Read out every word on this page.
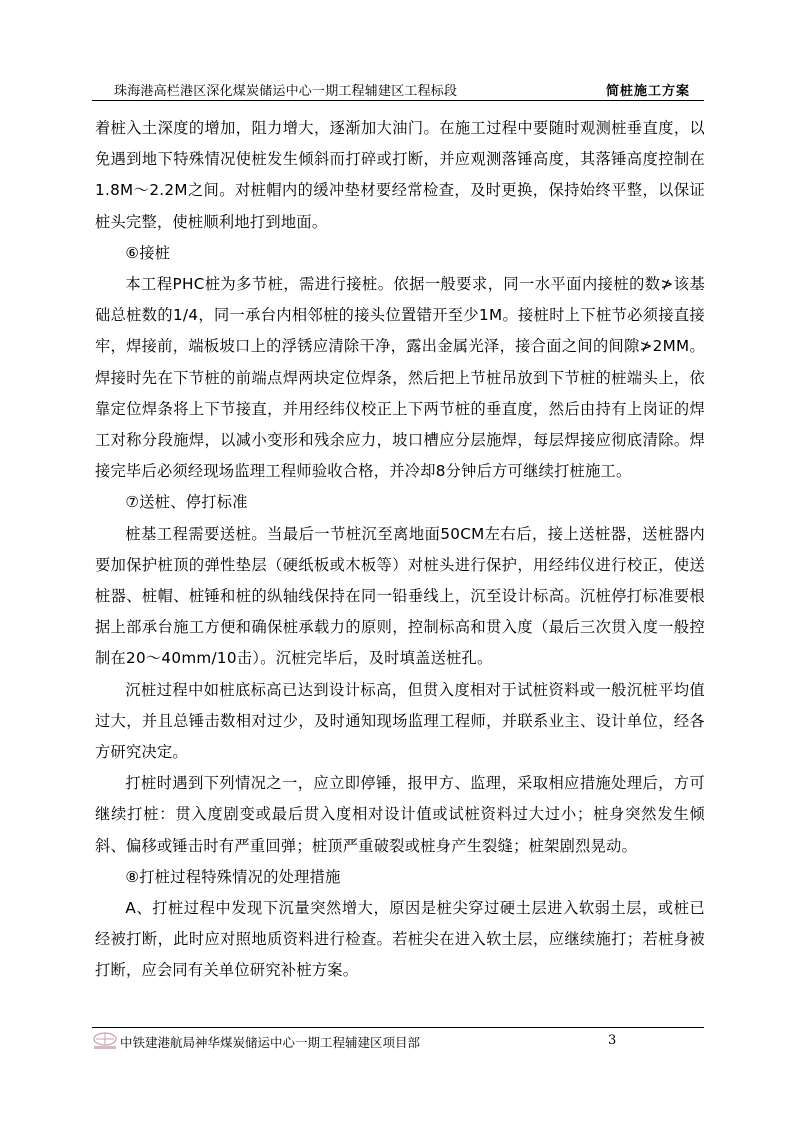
珠海港高栏港区深化煤炭储运中心一期工程辅建区工程标段	简桩施工方案

着桩入土深度的增加，阻力增大，逐渐加大油门。在施工过程中要随时观测桩垂直度，以免遇到地下特殊情况使桩发生倾斜而打碎或打断，并应观测落锤高度，其落锤高度控制在1.8M～2.2M之间。对桩帽内的缓冲垫材要经常检查，及时更换，保持始终平整，以保证桩头完整，使桩顺利地打到地面。

⑥接桩

本工程PHC桩为多节桩，需进行接桩。依据一般要求，同一水平面内接桩的数≯该基础总桩数的1/4，同一承台内相邻桩的接头位置错开至少1M。接桩时上下桩节必须接直接牢，焊接前，端板坡口上的浮锈应清除干净，露出金属光泽，接合面之间的间隙≯2MM。焊接时先在下节桩的前端点焊两块定位焊条，然后把上节桩吊放到下节桩的桩端头上，依靠定位焊条将上下节接直，并用经纬仪校正上下两节桩的垂直度，然后由持有上岗证的焊工对称分段施焊，以减小变形和残余应力，坡口槽应分层施焊，每层焊接应彻底清除。焊接完毕后必须经现场监理工程师验收合格，并冷却8分钟后方可继续打桩施工。

⑦送桩、停打标准

桩基工程需要送桩。当最后一节桩沉至离地面50CM左右后，接上送桩器，送桩器内要加保护桩顶的弹性垫层（硬纸板或木板等）对桩头进行保护，用经纬仪进行校正，使送桩器、桩帽、桩锤和桩的纵轴线保持在同一铅垂线上，沉至设计标高。沉桩停打标准要根据上部承台施工方便和确保桩承载力的原则，控制标高和贯入度（最后三次贯入度一般控制在20～40mm/10击）。沉桩完毕后，及时填盖送桩孔。

沉桩过程中如桩底标高已达到设计标高，但贯入度相对于试桩资料或一般沉桩平均值过大，并且总锤击数相对过少，及时通知现场监理工程师，并联系业主、设计单位，经各方研究决定。

打桩时遇到下列情况之一，应立即停锤，报甲方、监理，采取相应措施处理后，方可继续打桩：贯入度剧变或最后贯入度相对设计值或试桩资料过大过小；桩身突然发生倾斜、偏移或锤击时有严重回弹；桩顶严重破裂或桩身产生裂缝；桩架剧烈晃动。

⑧打桩过程特殊情况的处理措施

A、打桩过程中发现下沉量突然增大，原因是桩尖穿过硬土层进入软弱土层，或桩已经被打断，此时应对照地质资料进行检查。若桩尖在进入软土层，应继续施打；若桩身被打断，应会同有关单位研究补桩方案。

中铁建港航局神华煤炭储运中心一期工程辅建区项目部	3
